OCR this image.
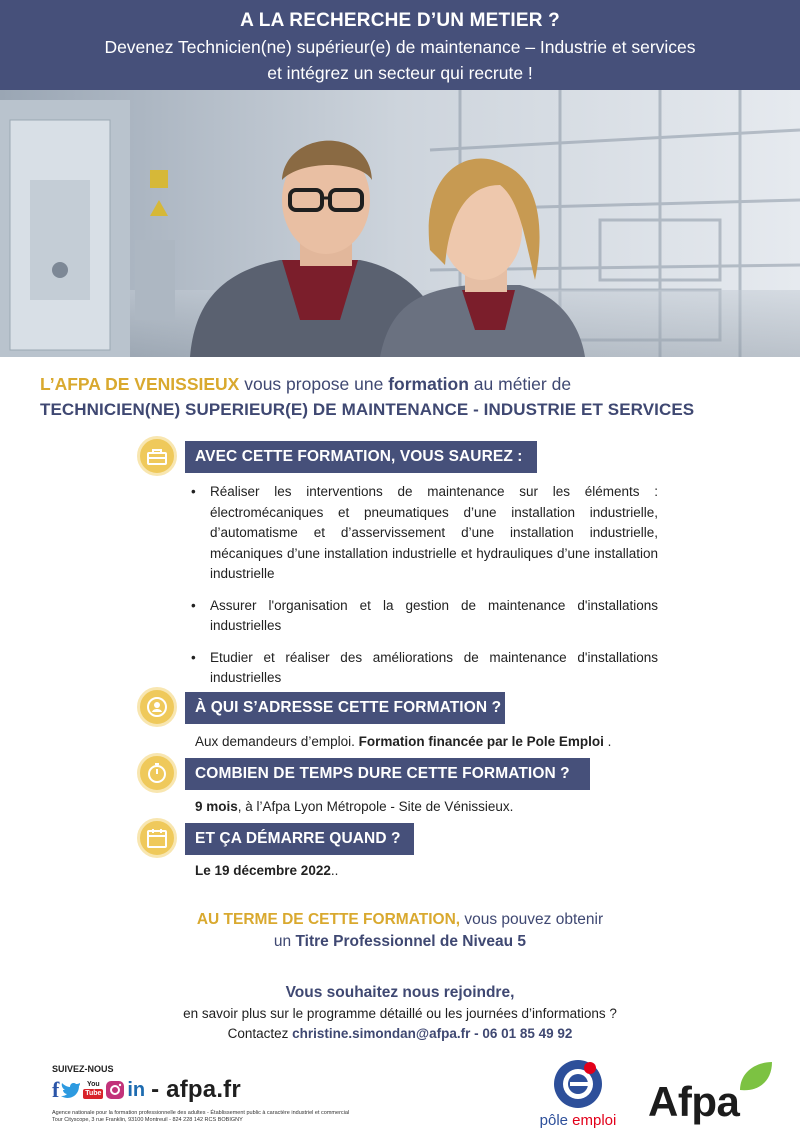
A LA RECHERCHE D’UN METIER ?
Devenez Technicien(ne) supérieur(e) de maintenance – Industrie et services
et intégrez un secteur qui recrute !
L’AFPA DE VENISSIEUX vous propose une formation au métier de
TECHNICIEN(NE) SUPERIEUR(E) DE MAINTENANCE - INDUSTRIE ET SERVICES
AVEC CETTE FORMATION, VOUS SAUREZ :
• Réaliser les interventions de maintenance sur les éléments : électromécaniques et pneumatiques d’une installation industrielle, d’automatisme et d’asservissement d’une installation industrielle, mécaniques d’une installation industrielle et hydrauliques d’une installation industrielle
• Assurer l'organisation et la gestion de maintenance d'installations industrielles
• Etudier et réaliser des améliorations de maintenance d'installations industrielles
À QUI S’ADRESSE CETTE FORMATION ?
Aux demandeurs d’emploi. Formation financée par le Pole Emploi .
COMBIEN DE TEMPS DURE CETTE FORMATION ?
9 mois, à l’Afpa Lyon Métropole - Site de Vénissieux.
ET ÇA DÉMARRE QUAND ?
Le 19 décembre 2022..
AU TERME DE CETTE FORMATION, vous pouvez obtenir
un Titre Professionnel de Niveau 5
Vous souhaitez nous rejoindre,
en savoir plus sur le programme détaillé ou les journées d’informations ?
Contactez christine.simondan@afpa.fr - 06 01 85 49 92
SUIVEZ-NOUS
f	You
Tube in - afpa.fr
Agence nationale pour la formation professionnelle des adultes - Établissement public à caractère industriel et commercial
Tour Cityscope, 3 rue Franklin, 93100 Montreuil - 824 228 142 RCS BOBIGNY	pôle emploi Afpa
